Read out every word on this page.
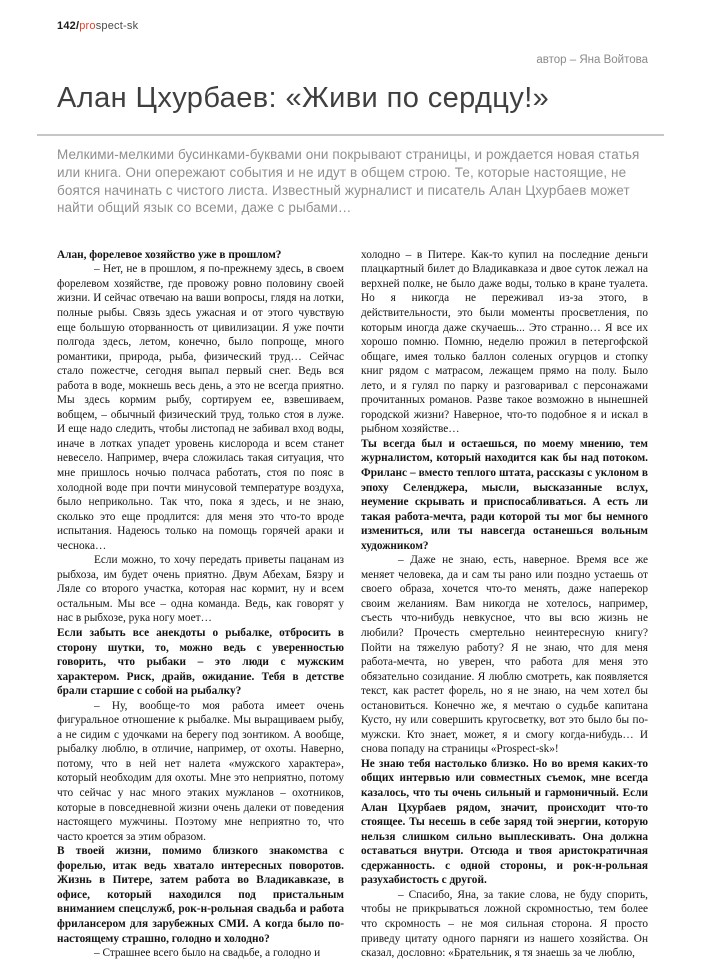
142/prospect-sk
автор – Яна Войтова
Алан Цхурбаев: «Живи по сердцу!»

Мелкими-мелкими бусинками-буквами они покрывают страницы, и рождается новая статья или книга. Они опережают события и не идут в общем строю. Те, которые настоящие, не боятся начинать с чистого листа. Известный журналист и писатель Алан Цхурбаев может найти общий язык со всеми, даже с рыбами…

Алан, форелевое хозяйство уже в прошлом?

– Нет, не в прошлом, я по-прежнему здесь, в своем форелевом хозяйстве, где провожу ровно половину своей жизни. И сейчас отвечаю на ваши вопросы, глядя на лотки, полные рыбы. Связь здесь ужасная и от этого чувствую еще большую оторванность от цивилизации. Я уже почти полгода здесь, летом, конечно, было попроще, много романтики, природа, рыба, физический труд… Сейчас стало пожестче, сегодня выпал первый снег. Ведь вся работа в воде, мокнешь весь день, а это не всегда приятно. Мы здесь кормим рыбу, сортируем ее, взвешиваем, вобщем, – обычный физический труд, только стоя в луже. И еще надо следить, чтобы листопад не забивал вход воды, иначе в лотках упадет уровень кислорода и всем станет невесело. Например, вчера сложилась такая ситуация, что мне пришлось ночью полчаса работать, стоя по пояс в холодной воде при почти минусовой температуре воздуха, было неприкольно. Так что, пока я здесь, и не знаю, сколько это еще продлится: для меня это что-то вроде испытания. Надеюсь только на помощь горячей араки и чеснока…

Если можно, то хочу передать приветы пацанам из рыбхоза, им будет очень приятно. Двум Абехам, Бязру и Ляле со второго участка, которая нас кормит, ну и всем остальным. Мы все – одна команда. Ведь, как говорят у нас в рыбхозе, рука ногу моет…

Если забыть все анекдоты о рыбалке, отбросить в сторону шутки, то, можно ведь с уверенностью говорить, что рыбаки – это люди с мужским характером. Риск, драйв, ожидание. Тебя в детстве брали старшие с собой на рыбалку?

– Ну, вообще-то моя работа имеет очень фигуральное отношение к рыбалке. Мы выращиваем рыбу, а не сидим с удочками на берегу под зонтиком. А вообще, рыбалку люблю, в отличие, например, от охоты. Наверно, потому, что в ней нет налета «мужского характера», который необходим для охоты. Мне это неприятно, потому что сейчас у нас много этаких мужланов – охотников, которые в повседневной жизни очень далеки от поведения настоящего мужчины. Поэтому мне неприятно то, что часто кроется за этим образом.

В твоей жизни, помимо близкого знакомства с форелью, итак ведь хватало интересных поворотов. Жизнь в Питере, затем работа во Владикавказе, в офисе, который находился под пристальным вниманием спецслужб, рок-н-рольная свадьба и работа фрилансером для зарубежных СМИ. А когда было по-настоящему страшно, голодно и холодно?

– Страшнее всего было на свадьбе, а голодно и

холодно – в Питере. Как-то купил на последние деньги плацкартный билет до Владикавказа и двое суток лежал на верхней полке, не было даже воды, только в кране туалета. Но я никогда не переживал из-за этого, в действительности, это были моменты просветления, по которым иногда даже скучаешь... Это странно… Я все их хорошо помню. Помню, неделю прожил в петергофской общаге, имея только баллон соленых огурцов и стопку книг рядом с матрасом, лежащем прямо на полу. Было лето, и я гулял по парку и разговаривал с персонажами прочитанных романов. Разве такое возможно в нынешней городской жизни? Наверное, что-то подобное я и искал в рыбном хозяйстве…

Ты всегда был и остаешься, по моему мнению, тем журналистом, который находится как бы над потоком. Фриланс – вместо теплого штата, рассказы с уклоном в эпоху Селенджера, мысли, высказанные вслух, неумение скрывать и приспосабливаться. А есть ли такая работа-мечта, ради которой ты мог бы немного измениться, или ты навсегда останешься вольным художником?

– Даже не знаю, есть, наверное. Время все же меняет человека, да и сам ты рано или поздно устаешь от своего образа, хочется что-то менять, даже наперекор своим желаниям. Вам никогда не хотелось, например, съесть что-нибудь невкусное, что вы всю жизнь не любили? Прочесть смертельно неинтересную книгу? Пойти на тяжелую работу? Я не знаю, что для меня работа-мечта, но уверен, что работа для меня это обязательно созидание. Я люблю смотреть, как появляется текст, как растет форель, но я не знаю, на чем хотел бы остановиться. Конечно же, я мечтаю о судьбе капитана Кусто, ну или совершить кругосветку, вот это было бы по-мужски. Кто знает, может, я и смогу когда-нибудь… И снова попаду на страницы «Prospect-sk»!

Не знаю тебя настолько близко. Но во время каких-то общих интервью или совместных съемок, мне всегда казалось, что ты очень сильный и гармоничный. Если Алан Цхурбаев рядом, значит, происходит что-то стоящее. Ты несешь в себе заряд той энергии, которую нельзя слишком сильно выплескивать. Она должна оставаться внутри. Отсюда и твоя аристократичная сдержанность. с одной стороны, и рок-н-рольная разухабистость с другой.

– Спасибо, Яна, за такие слова, не буду спорить, чтобы не прикрываться ложной скромностью, тем более что скромность – не моя сильная сторона. Я просто приведу цитату одного парняги из нашего хозяйства. Он сказал, дословно: «Брательник, я тя знаешь за че люблю,
